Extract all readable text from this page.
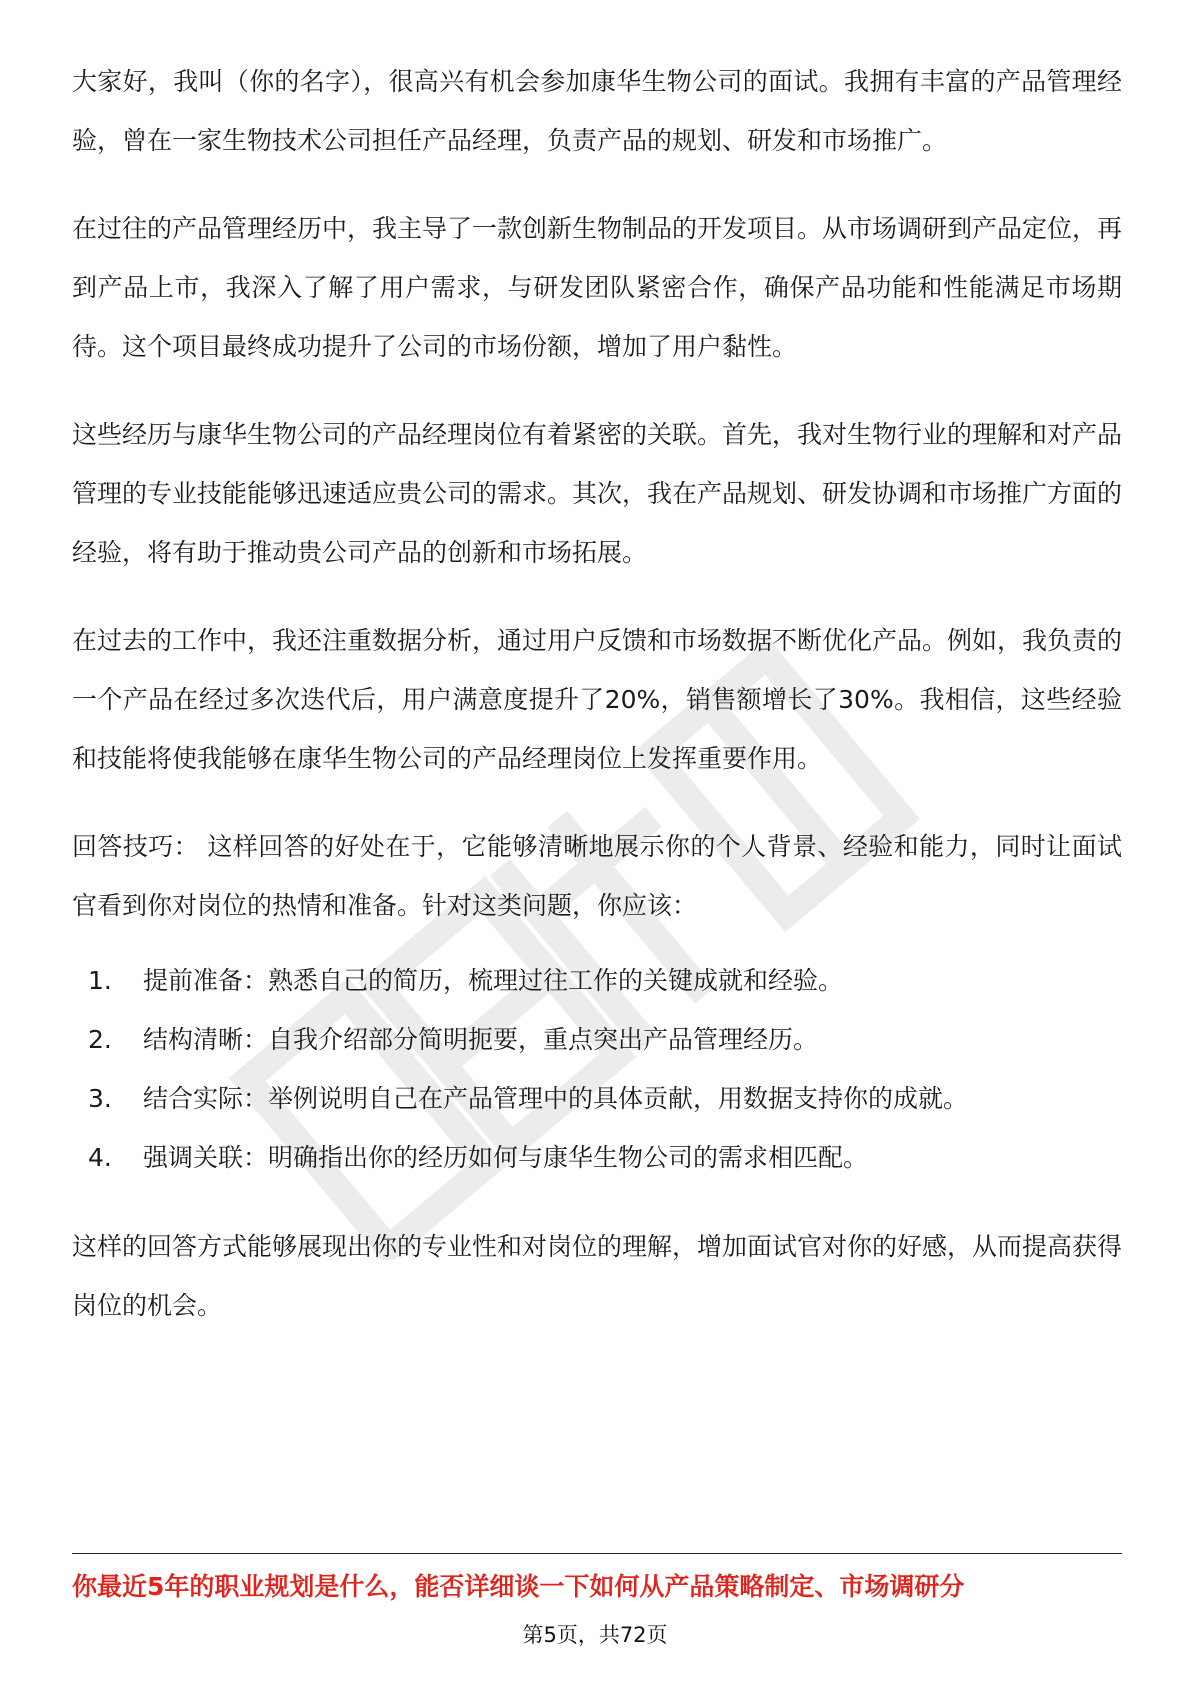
大家好，我叫（你的名字），很高兴有机会参加康华生物公司的面试。我拥有丰富的产品管理经验，曾在一家生物技术公司担任产品经理，负责产品的规划、研发和市场推广。

在过往的产品管理经历中，我主导了一款创新生物制品的开发项目。从市场调研到产品定位，再到产品上市，我深入了解了用户需求，与研发团队紧密合作，确保产品功能和性能满足市场期待。这个项目最终成功提升了公司的市场份额，增加了用户黏性。

这些经历与康华生物公司的产品经理岗位有着紧密的关联。首先，我对生物行业的理解和对产品管理的专业技能能够迅速适应贵公司的需求。其次，我在产品规划、研发协调和市场推广方面的经验，将有助于推动贵公司产品的创新和市场拓展。

在过去的工作中，我还注重数据分析，通过用户反馈和市场数据不断优化产品。例如，我负责的一个产品在经过多次迭代后，用户满意度提升了20%，销售额增长了30%。我相信，这些经验和技能将使我能够在康华生物公司的产品经理岗位上发挥重要作用。

回答技巧： 这样回答的好处在于，它能够清晰地展示你的个人背景、经验和能力，同时让面试官看到你对岗位的热情和准备。针对这类问题，你应该：

1.	提前准备：熟悉自己的简历，梳理过往工作的关键成就和经验。
2.	结构清晰：自我介绍部分简明扼要，重点突出产品管理经历。
3.	结合实际：举例说明自己在产品管理中的具体贡献，用数据支持你的成就。
4.	强调关联：明确指出你的经历如何与康华生物公司的需求相匹配。

这样的回答方式能够展现出你的专业性和对岗位的理解，增加面试官对你的好感，从而提高获得岗位的机会。

你最近5年的职业规划是什么，能否详细谈一下如何从产品策略制定、市场调研分
第5页，共72页
